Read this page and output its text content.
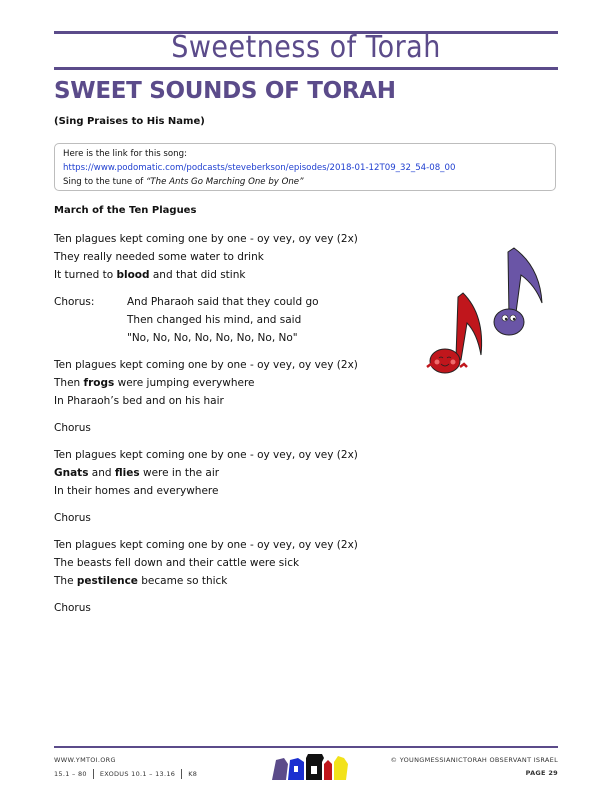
Sweetness of Torah
SWEET SOUNDS OF TORAH
(Sing Praises to His Name)
Here is the link for this song:
https://www.podomatic.com/podcasts/steveberkson/episodes/2018-01-12T09_32_54-08_00
Sing to the tune of “The Ants Go Marching One by One”
March of the Ten Plagues
Ten plagues kept coming one by one - oy vey, oy vey (2x)
They really needed some water to drink
It turned to blood and that did stink
Chorus:	And Pharaoh said that they could go
Then changed his mind, and said
"No, No, No, No, No, No, No, No"
Ten plagues kept coming one by one - oy vey, oy vey (2x)
Then frogs were jumping everywhere
In Pharaoh’s bed and on his hair
Chorus
Ten plagues kept coming one by one - oy vey, oy vey (2x)
Gnats and flies were in the air
In their homes and everywhere
Chorus
Ten plagues kept coming one by one - oy vey, oy vey (2x)
The beasts fell down and their cattle were sick
The pestilence became so thick
Chorus
WWW.YMTOI.ORG
15.1 – 80 EXODUS 10.1 – 13.16 K8
© YOUNGMESSIANICTORAH OBSERVANT ISRAEL
PAGE 29
